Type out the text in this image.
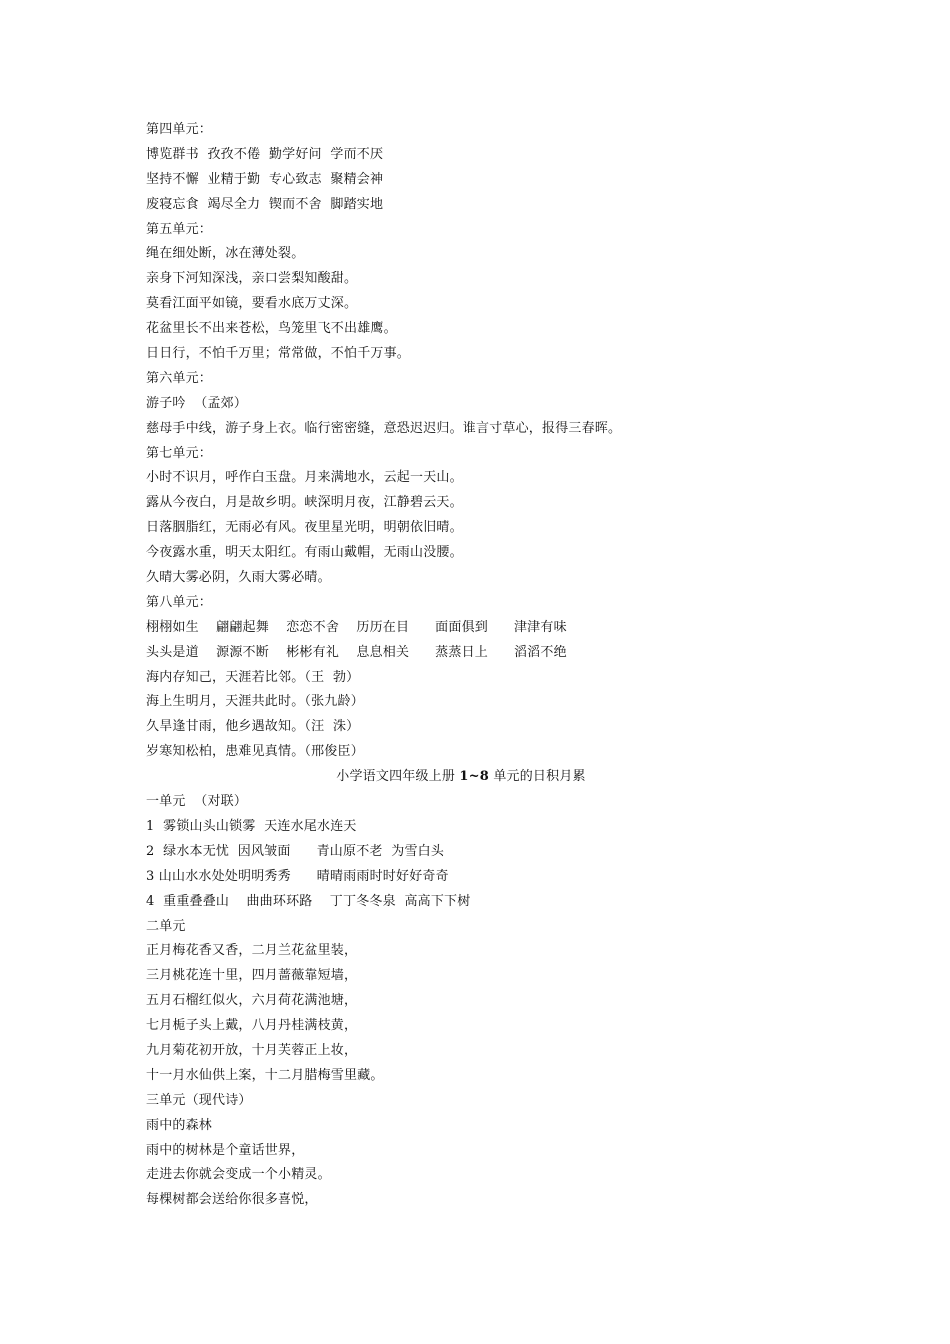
第四单元：
博览群书  孜孜不倦  勤学好问  学而不厌
坚持不懈  业精于勤  专心致志  聚精会神
废寝忘食  竭尽全力  锲而不舍  脚踏实地
第五单元：
绳在细处断，冰在薄处裂。
亲身下河知深浅，亲口尝梨知酸甜。
莫看江面平如镜，要看水底万丈深。
花盆里长不出来苍松，鸟笼里飞不出雄鹰。
日日行，不怕千万里；常常做，不怕千万事。
第六单元：
游子吟  （孟郊）
慈母手中线，游子身上衣。临行密密缝，意恐迟迟归。谁言寸草心，报得三春晖。
第七单元：
小时不识月，呼作白玉盘。月来满地水，云起一天山。
露从今夜白，月是故乡明。峡深明月夜，江静碧云天。
日落胭脂红，无雨必有风。夜里星光明，明朝依旧晴。
今夜露水重，明天太阳红。有雨山戴帽，无雨山没腰。
久晴大雾必阴，久雨大雾必晴。
第八单元：
栩栩如生    翩翩起舞    恋恋不舍    历历在目      面面俱到      津津有味
头头是道    源源不断    彬彬有礼    息息相关      蒸蒸日上      滔滔不绝
海内存知己，天涯若比邻。（王  勃）
海上生明月，天涯共此时。（张九龄）
久旱逢甘雨，他乡遇故知。（汪  洙）
岁寒知松柏，患难见真情。（邢俊臣）
小学语文四年级上册 1~8 单元的日积月累
一单元  （对联）
1  雾锁山头山锁雾  天连水尾水连天
2  绿水本无忧  因风皱面      青山原不老  为雪白头
3 山山水水处处明明秀秀      晴晴雨雨时时好好奇奇
4  重重叠叠山    曲曲环环路    丁丁冬冬泉  高高下下树
二单元
正月梅花香又香，二月兰花盆里装，
三月桃花连十里，四月蔷薇靠短墙，
五月石榴红似火，六月荷花满池塘，
七月栀子头上戴，八月丹桂满枝黄，
九月菊花初开放，十月芙蓉正上妆，
十一月水仙供上案，十二月腊梅雪里藏。
三单元（现代诗）
雨中的森林
雨中的树林是个童话世界，
走进去你就会变成一个小精灵。
每棵树都会送给你很多喜悦，
